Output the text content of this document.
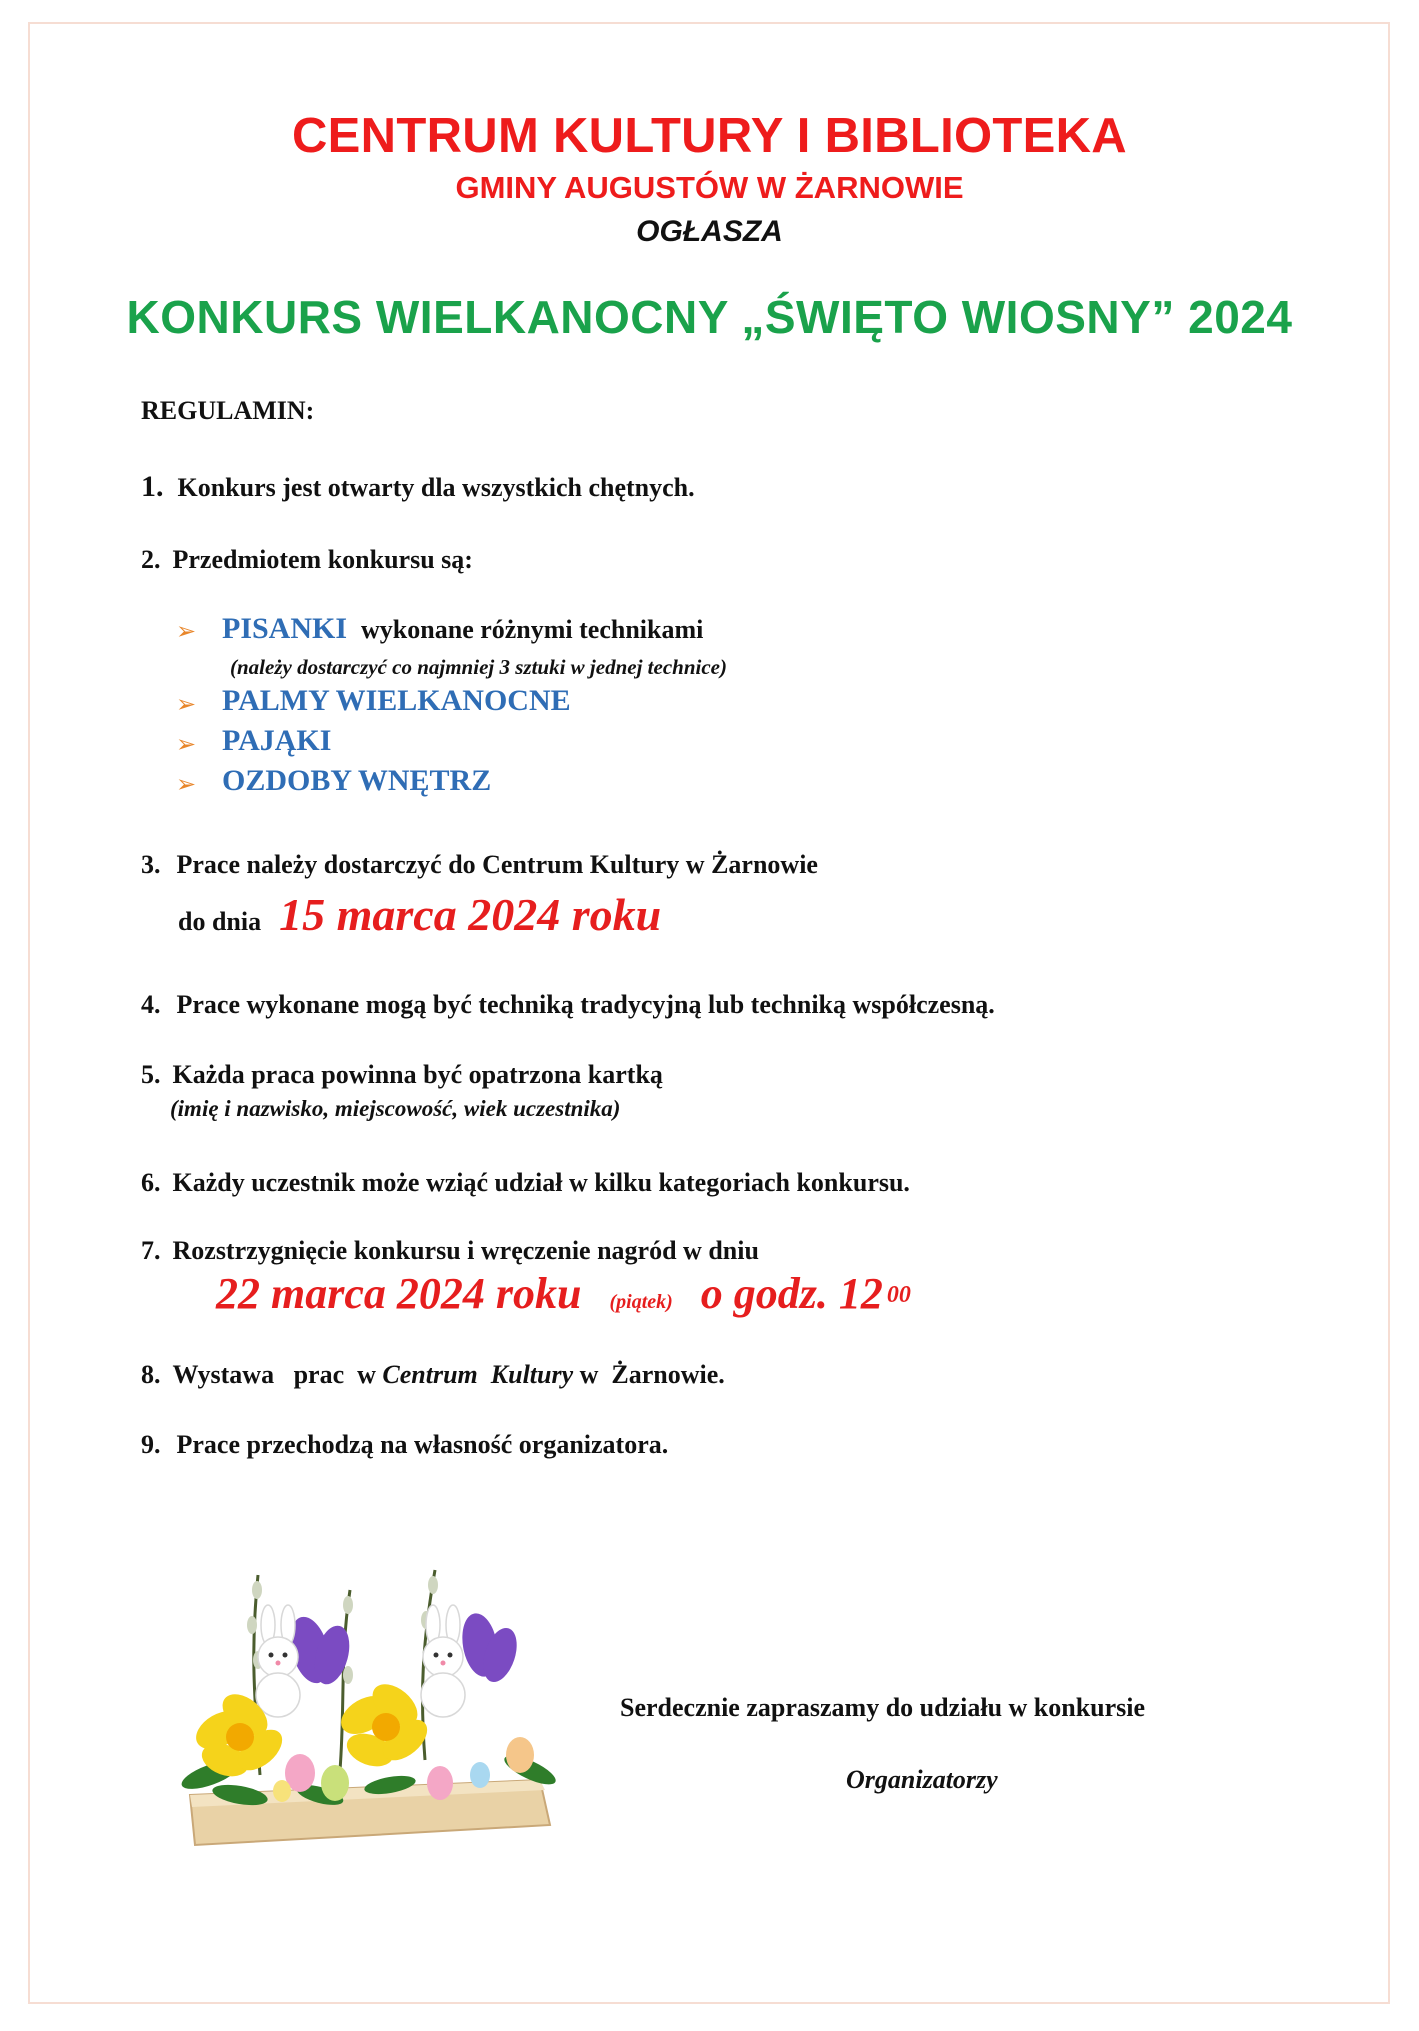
CENTRUM KULTURY I BIBLIOTEKA
GMINY AUGUSTÓW W ŻARNOWIE
OGŁASZA
KONKURS WIELKANOCNY „ŚWIĘTO WIOSNY” 2024
REGULAMIN:
1. Konkurs jest otwarty dla wszystkich chętnych.
2. Przedmiotem konkursu są:
➢ PISANKI wykonane różnymi technikami
(należy dostarczyć co najmniej 3 sztuki w jednej technice)
➢ PALMY WIELKANOCNE
➢ PAJĄKI
➢ OZDOBY WNĘTRZ
3. Prace należy dostarczyć do Centrum Kultury w Żarnowie
do dnia 15 marca 2024 roku
4. Prace wykonane mogą być techniką tradycyjną lub techniką współczesną.
5. Każda praca powinna być opatrzona kartką
(imię i nazwisko, miejscowość, wiek uczestnika)
6. Każdy uczestnik może wziąć udział w kilku kategoriach konkursu.
7. Rozstrzygnięcie konkursu i wręczenie nagród w dniu
22 marca 2024 roku (piątek) o godz. 12 $^{00}$
8. Wystawa   prac  w Centrum  Kultury w  Żarnowie.
9. Prace przechodzą na własność organizatora.
Serdecznie zapraszamy do udziału w konkursie
Organizatorzy
